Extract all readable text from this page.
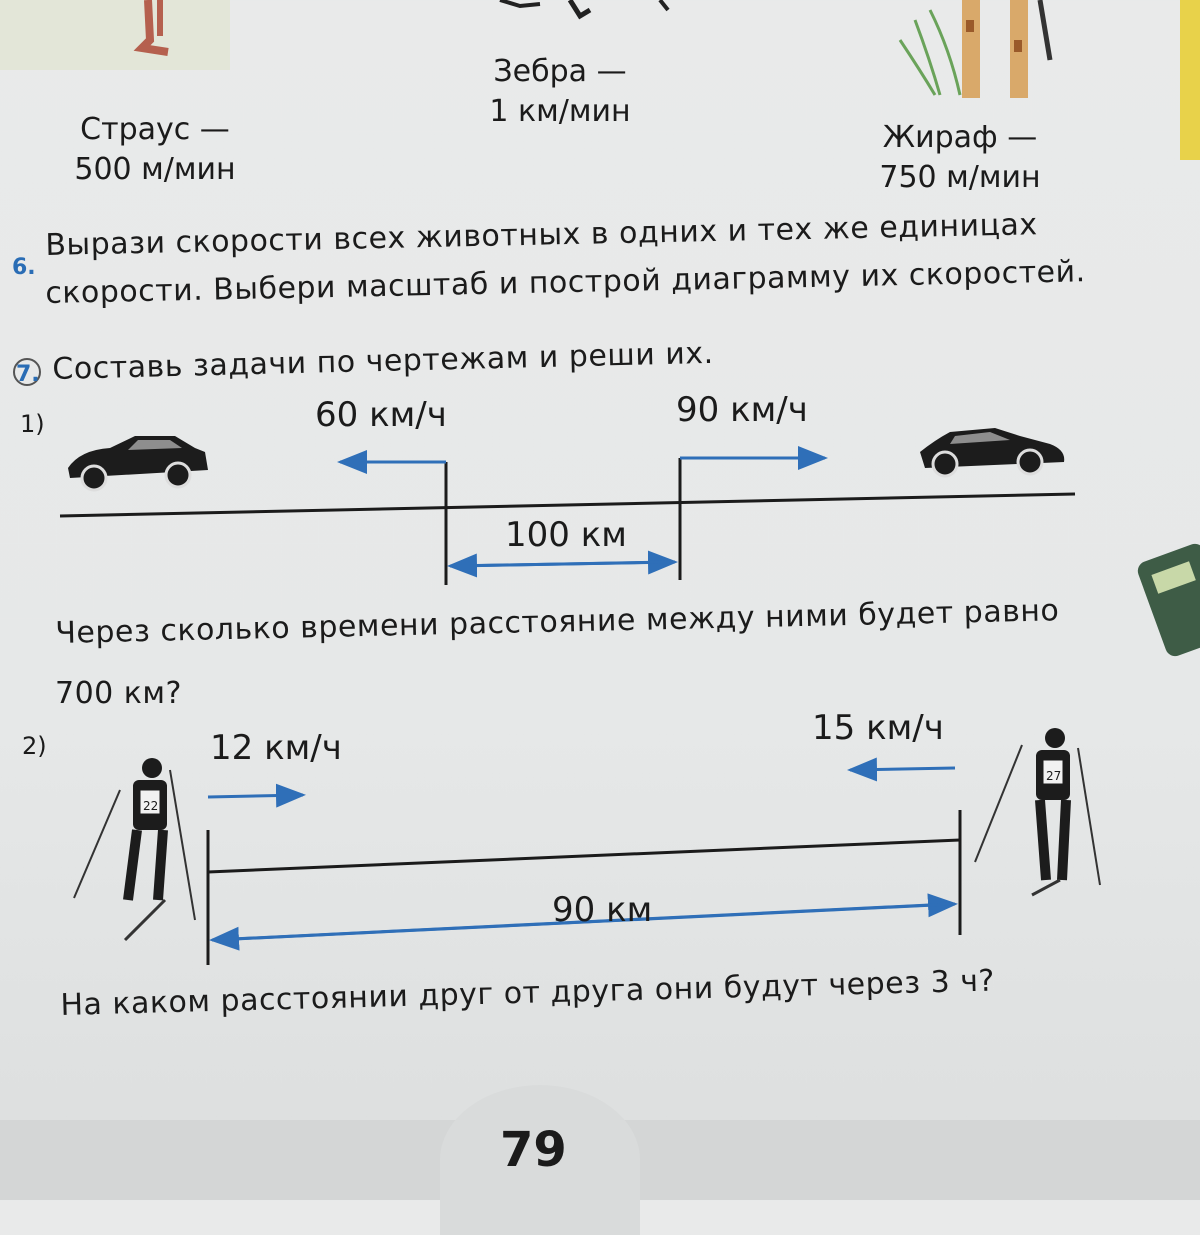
22
27
Страус —
500 м/мин
Зебра —
1 км/мин
Жираф —
750 м/мин
6.
Вырази скорости всех животных в одних и тех же единицах
скорости. Выбери масштаб и построй диаграмму их скоростей.
7. Составь задачи по чертежам и реши их.
1)	60 км/ч	90 км/ч
100 км
Через сколько времени расстояние между ними будет равно
700 км?
2)	12 км/ч	15 км/ч
90 км
На каком расстоянии друг от друга они будут через 3 ч?
79
